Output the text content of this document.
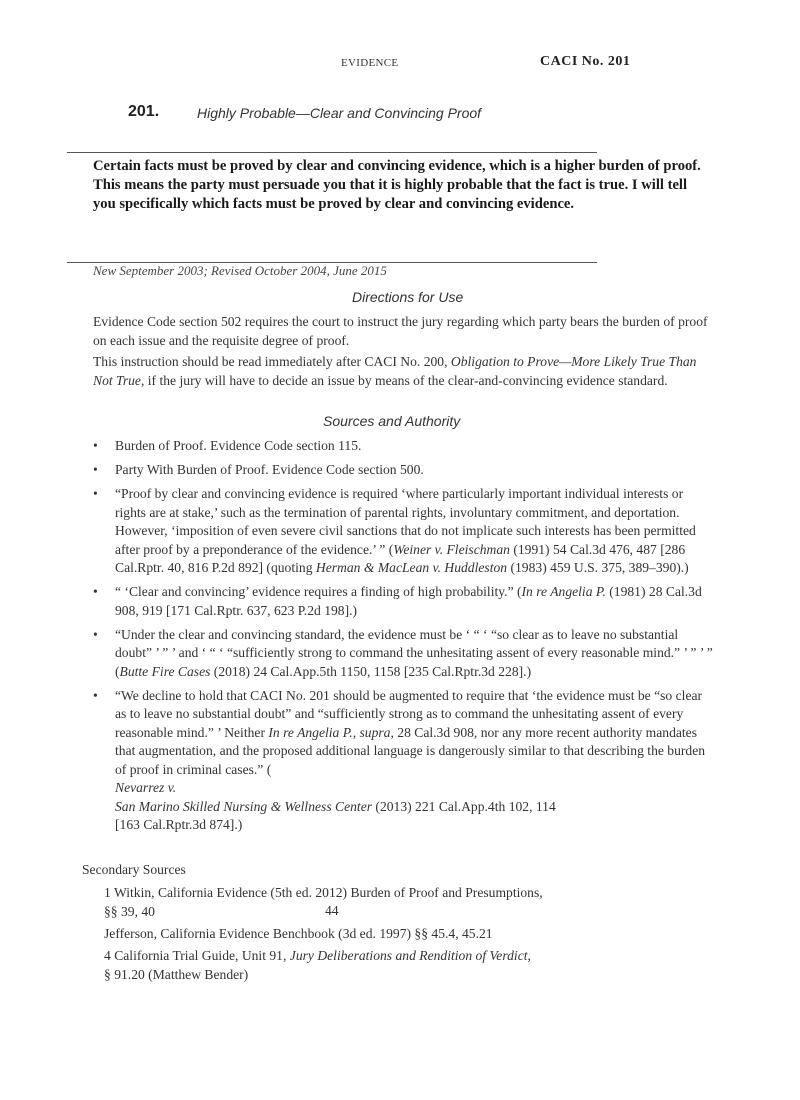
EVIDENCE	CACI No. 201
201.	Highly Probable—Clear and Convincing Proof
Certain facts must be proved by clear and convincing evidence, which is a higher burden of proof. This means the party must persuade you that it is highly probable that the fact is true. I will tell you specifically which facts must be proved by clear and convincing evidence.
New September 2003; Revised October 2004, June 2015
Directions for Use
Evidence Code section 502 requires the court to instruct the jury regarding which party bears the burden of proof on each issue and the requisite degree of proof.
This instruction should be read immediately after CACI No. 200, Obligation to Prove—More Likely True Than Not True, if the jury will have to decide an issue by means of the clear-and-convincing evidence standard.
Sources and Authority
• Burden of Proof. Evidence Code section 115.
• Party With Burden of Proof. Evidence Code section 500.
• “Proof by clear and convincing evidence is required ‘where particularly important individual interests or rights are at stake,’ such as the termination of parental rights, involuntary commitment, and deportation. However, ‘imposition of even severe civil sanctions that do not implicate such interests has been permitted after proof by a preponderance of the evidence.’ ” (Weiner v. Fleischman (1991) 54 Cal.3d 476, 487 [286 Cal.Rptr. 40, 816 P.2d 892] (quoting Herman & MacLean v. Huddleston (1983) 459 U.S. 375, 389–390).)
• “ ‘Clear and convincing’ evidence requires a finding of high probability.” (In re Angelia P. (1981) 28 Cal.3d 908, 919 [171 Cal.Rptr. 637, 623 P.2d 198].)
• “Under the clear and convincing standard, the evidence must be ‘ “ ‘ “so clear as to leave no substantial doubt” ’ ” ’ and ‘ “ ‘ “sufficiently strong to command the unhesitating assent of every reasonable mind.” ’ ” ’ ” (Butte Fire Cases (2018) 24 Cal.App.5th 1150, 1158 [235 Cal.Rptr.3d 228].)
• “We decline to hold that CACI No. 201 should be augmented to require that ‘the evidence must be “so clear as to leave no substantial doubt” and “sufficiently strong as to command the unhesitating assent of every reasonable mind.” ’ Neither In re Angelia P., supra, 28 Cal.3d 908, nor any more recent authority mandates that augmentation, and the proposed additional language is dangerously similar to that describing the burden of proof in criminal cases.” (
Nevarrez v.
San Marino Skilled Nursing & Wellness Center (2013) 221 Cal.App.4th 102, 114
[163 Cal.Rptr.3d 874].)
Secondary Sources
1 Witkin, California Evidence (5th ed. 2012) Burden of Proof and Presumptions,
§§ 39, 40	44
Jefferson, California Evidence Benchbook (3d ed. 1997) §§ 45.4, 45.21
4 California Trial Guide, Unit 91, Jury Deliberations and Rendition of Verdict,
§ 91.20 (Matthew Bender)
